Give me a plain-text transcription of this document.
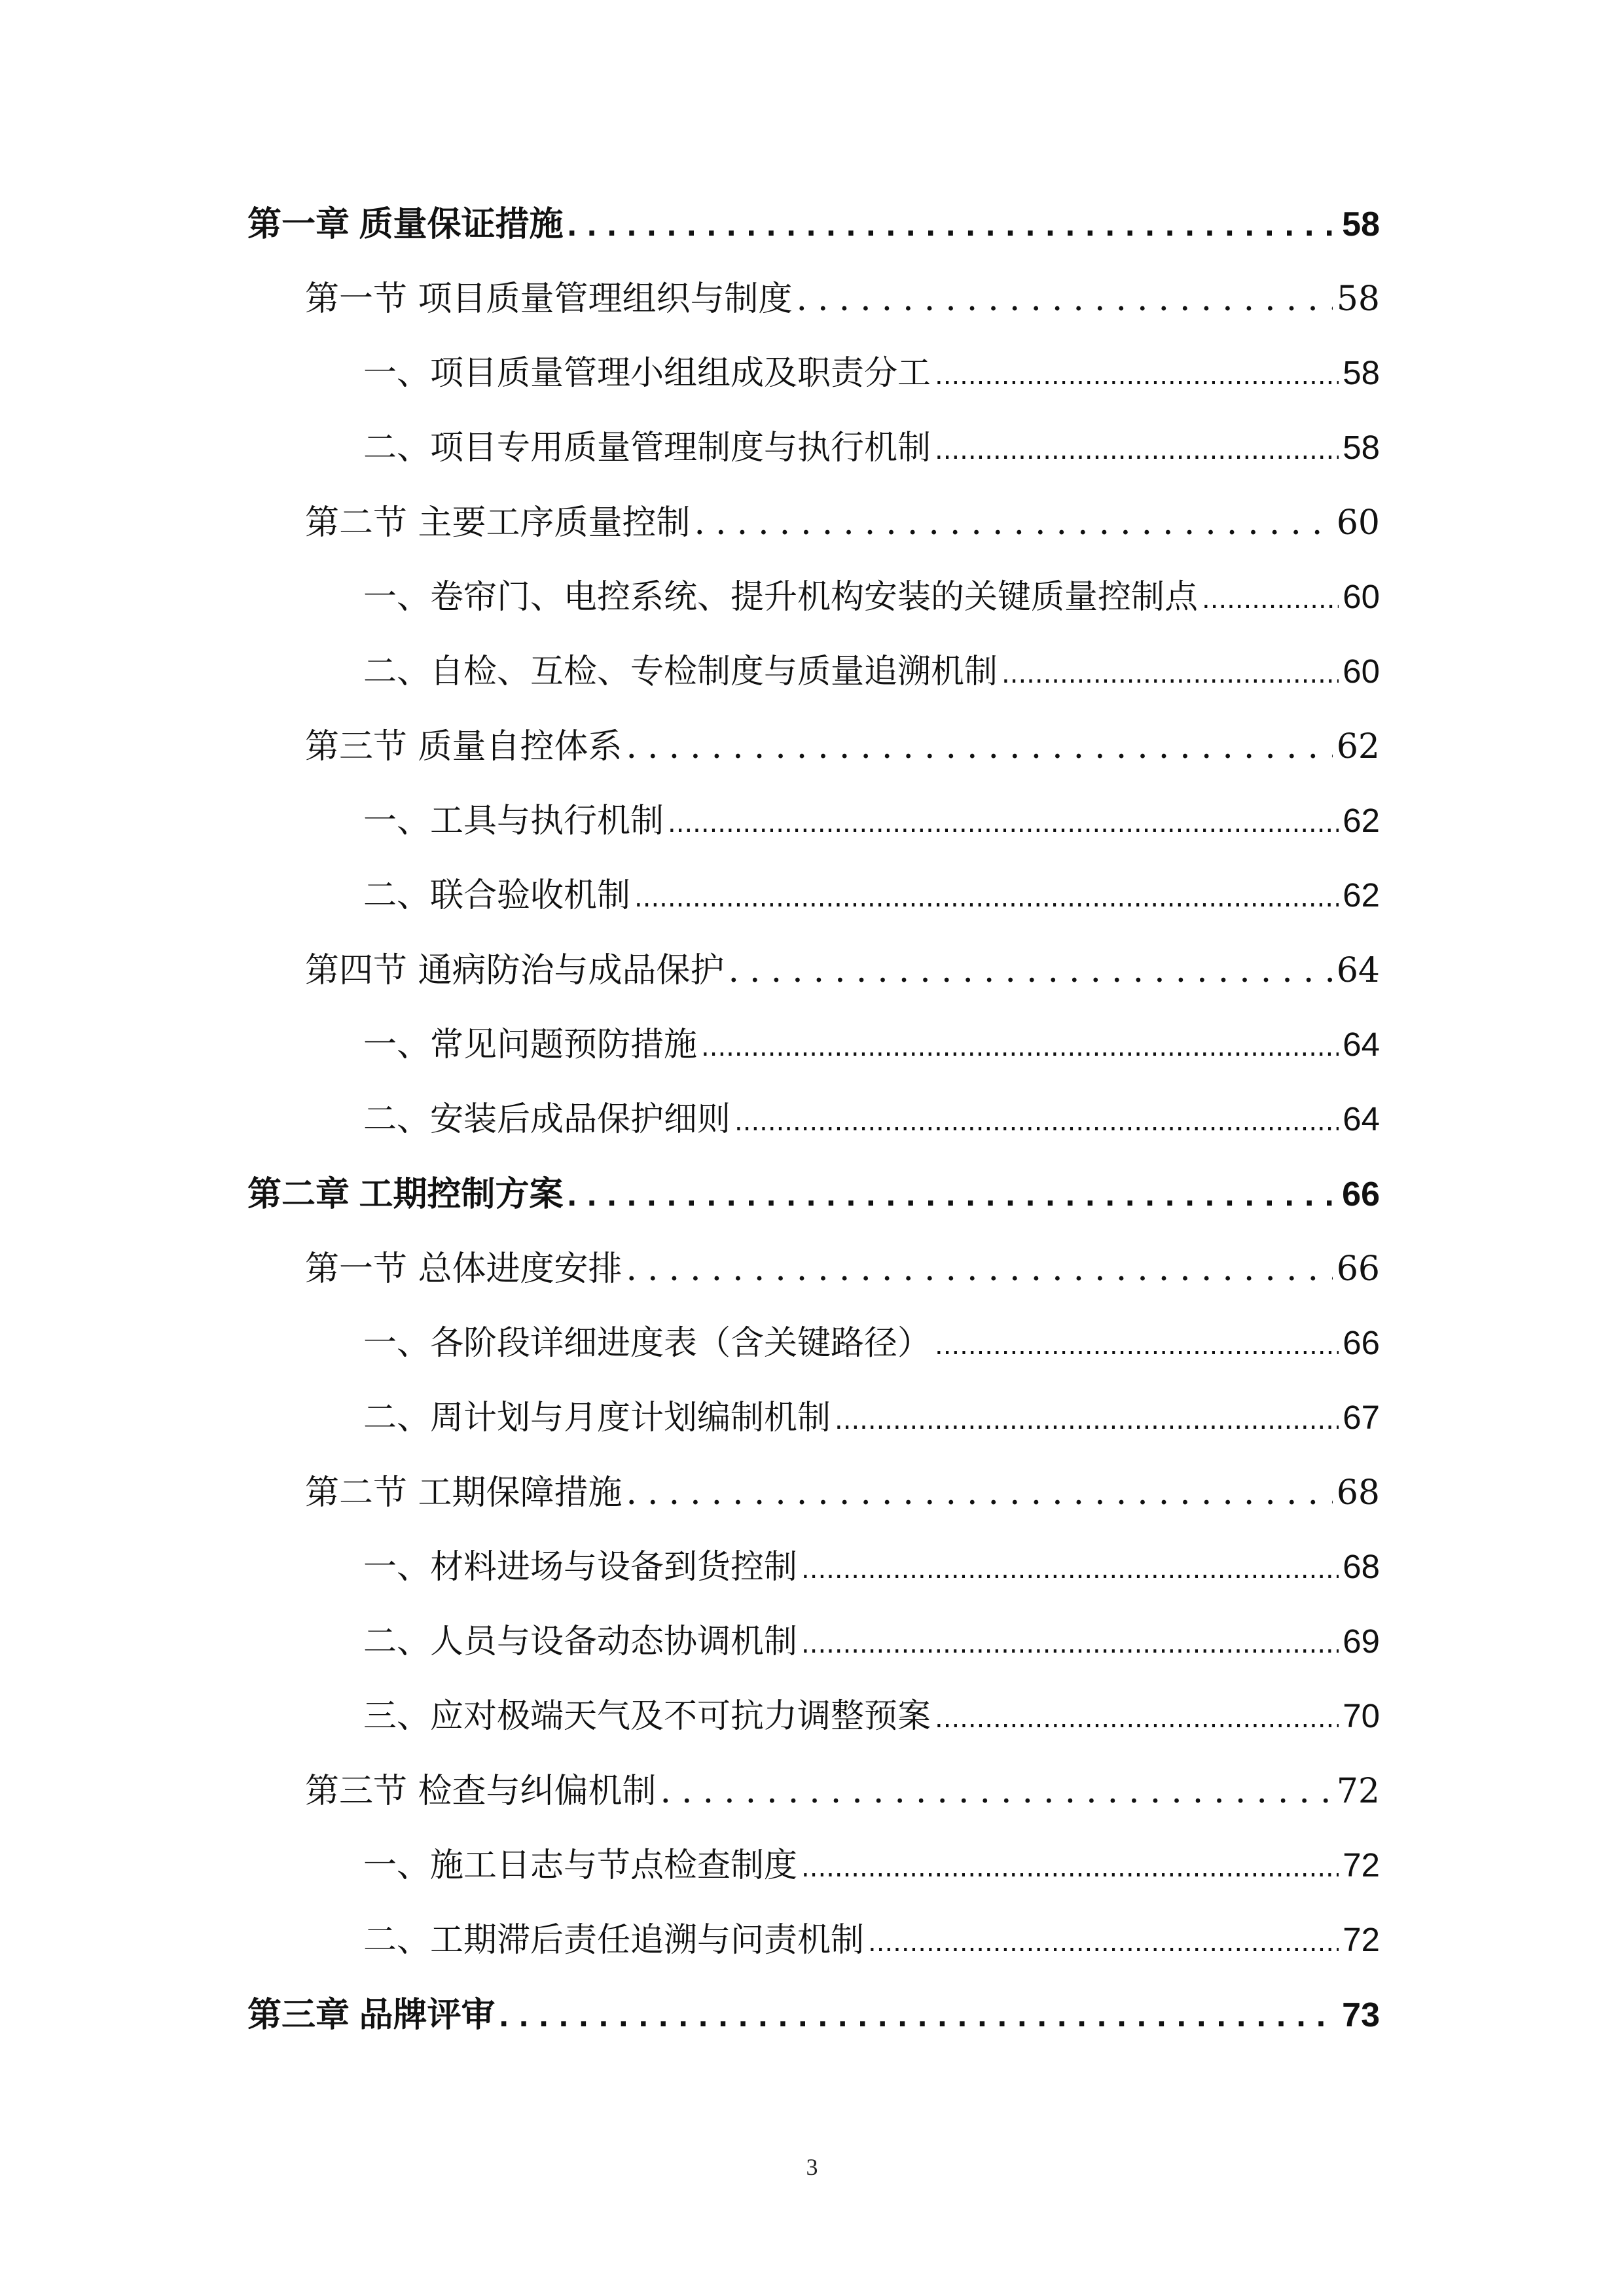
第一章 质量保证措施 .....	58
第一节 项目质量管理组织与制度 .....	58
一、项目质量管理小组组成及职责分工 .....	58
二、项目专用质量管理制度与执行机制 .....	58
第二节 主要工序质量控制 .....	60
一、卷帘门、电控系统、提升机构安装的关键质量控制点 .....	60
二、自检、互检、专检制度与质量追溯机制 .....	60
第三节 质量自控体系 .....	62
一、工具与执行机制 .....	62
二、联合验收机制 .....	62
第四节 通病防治与成品保护 .....	64
一、常见问题预防措施 .....	64
二、安装后成品保护细则 .....	64
第二章 工期控制方案 .....	66
第一节 总体进度安排 .....	66
一、各阶段详细进度表（含关键路径） .....	66
二、周计划与月度计划编制机制 .....	67
第二节 工期保障措施 .....	68
一、材料进场与设备到货控制 .....	68
二、人员与设备动态协调机制 .....	69
三、应对极端天气及不可抗力调整预案 .....	70
第三节 检查与纠偏机制 .....	72
一、施工日志与节点检查制度 .....	72
二、工期滞后责任追溯与问责机制 .....	72
第三章 品牌评审 .....	73
3
